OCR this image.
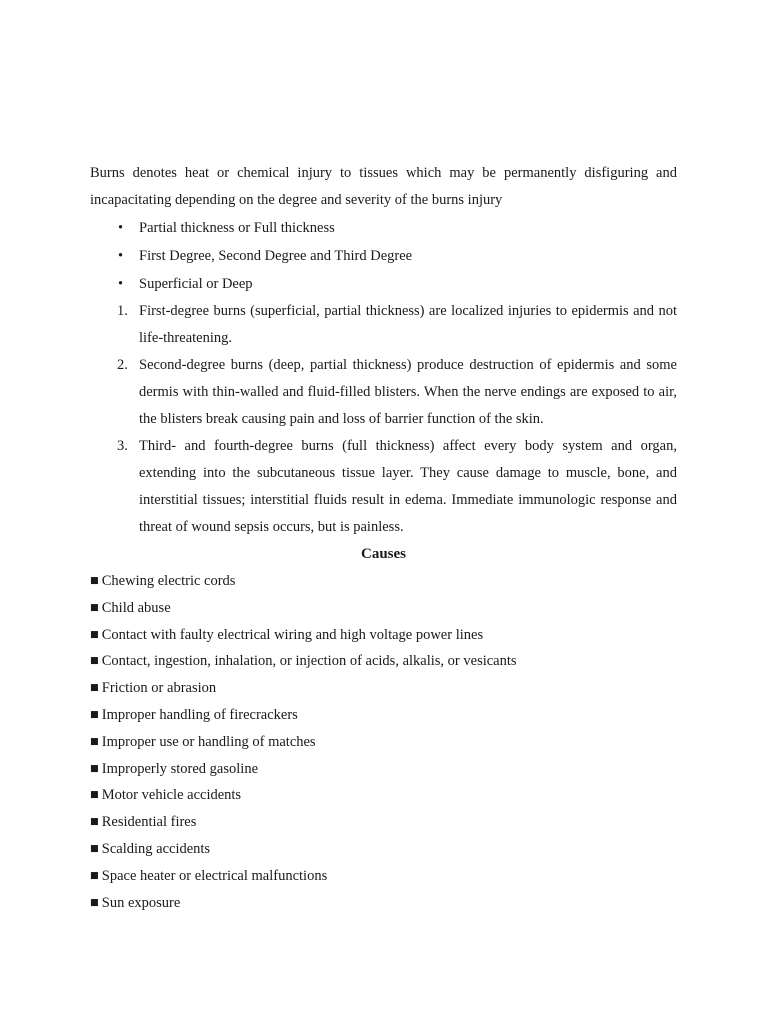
Burns denotes heat or chemical injury to tissues which may be permanently disfiguring and incapacitating depending on the degree and severity of the burns injury

• Partial thickness or Full thickness
• First Degree, Second Degree and Third Degree
• Superficial or Deep
1. First-degree burns (superficial, partial thickness) are localized injuries to epidermis and not life-threatening.
2. Second-degree burns (deep, partial thickness) produce destruction of epidermis and some dermis with thin-walled and fluid-filled blisters. When the nerve endings are exposed to air, the blisters break causing pain and loss of barrier function of the skin.
3. Third- and fourth-degree burns (full thickness) affect every body system and organ, extending into the subcutaneous tissue layer. They cause damage to muscle, bone, and interstitial tissues; interstitial fluids result in edema. Immediate immunologic response and threat of wound sepsis occurs, but is painless.
Causes
■ Chewing electric cords
■ Child abuse
■ Contact with faulty electrical wiring and high voltage power lines
■ Contact, ingestion, inhalation, or injection of acids, alkalis, or vesicants
■ Friction or abrasion
■ Improper handling of firecrackers
■ Improper use or handling of matches
■ Improperly stored gasoline
■ Motor vehicle accidents
■ Residential fires
■ Scalding accidents
■ Space heater or electrical malfunctions
■ Sun exposure
